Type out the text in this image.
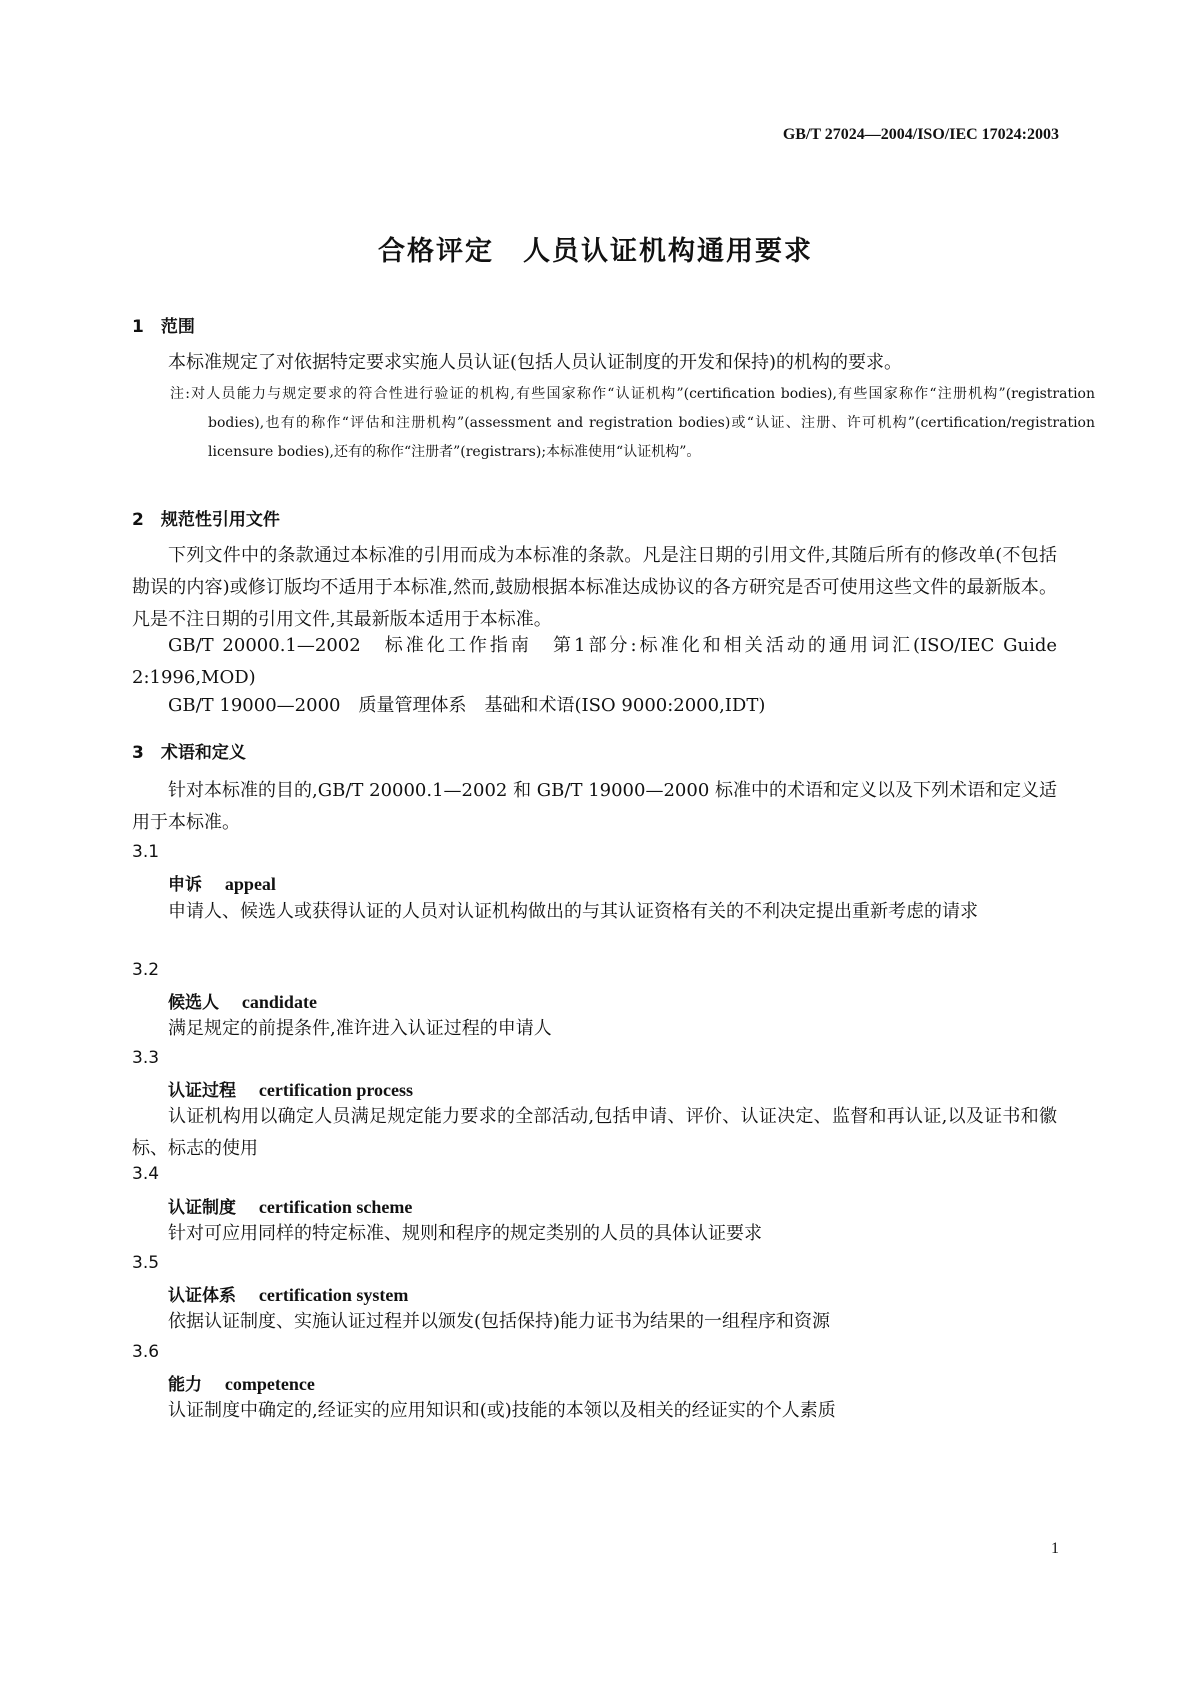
GB/T 27024—2004/ISO/IEC 17024:2003
合格评定　人员认证机构通用要求
1　范围
本标准规定了对依据特定要求实施人员认证(包括人员认证制度的开发和保持)的机构的要求。
注:对人员能力与规定要求的符合性进行验证的机构,有些国家称作“认证机构”(certification bodies),有些国家称作“注册机构”(registration bodies),也有的称作“评估和注册机构”(assessment and registration bodies)或“认证、注册、许可机构”(certification/registration licensure bodies),还有的称作“注册者”(registrars);本标准使用“认证机构”。
2　规范性引用文件
下列文件中的条款通过本标准的引用而成为本标准的条款。凡是注日期的引用文件,其随后所有的修改单(不包括勘误的内容)或修订版均不适用于本标准,然而,鼓励根据本标准达成协议的各方研究是否可使用这些文件的最新版本。凡是不注日期的引用文件,其最新版本适用于本标准。
GB/T 20000.1—2002　标准化工作指南　第1部分:标准化和相关活动的通用词汇(ISO/IEC Guide 2:1996,MOD)
GB/T 19000—2000　质量管理体系　基础和术语(ISO 9000:2000,IDT)
3　术语和定义
针对本标准的目的,GB/T 20000.1—2002 和 GB/T 19000—2000 标准中的术语和定义以及下列术语和定义适用于本标准。
3.1
申诉　 appeal
申请人、候选人或获得认证的人员对认证机构做出的与其认证资格有关的不利决定提出重新考虑的请求
3.2
候选人　 candidate
满足规定的前提条件,准许进入认证过程的申请人
3.3
认证过程　 certification process
认证机构用以确定人员满足规定能力要求的全部活动,包括申请、评价、认证决定、监督和再认证,以及证书和徽标、标志的使用
3.4
认证制度　 certification scheme
针对可应用同样的特定标准、规则和程序的规定类别的人员的具体认证要求
3.5
认证体系　 certification system
依据认证制度、实施认证过程并以颁发(包括保持)能力证书为结果的一组程序和资源
3.6
能力　 competence
认证制度中确定的,经证实的应用知识和(或)技能的本领以及相关的经证实的个人素质
1
